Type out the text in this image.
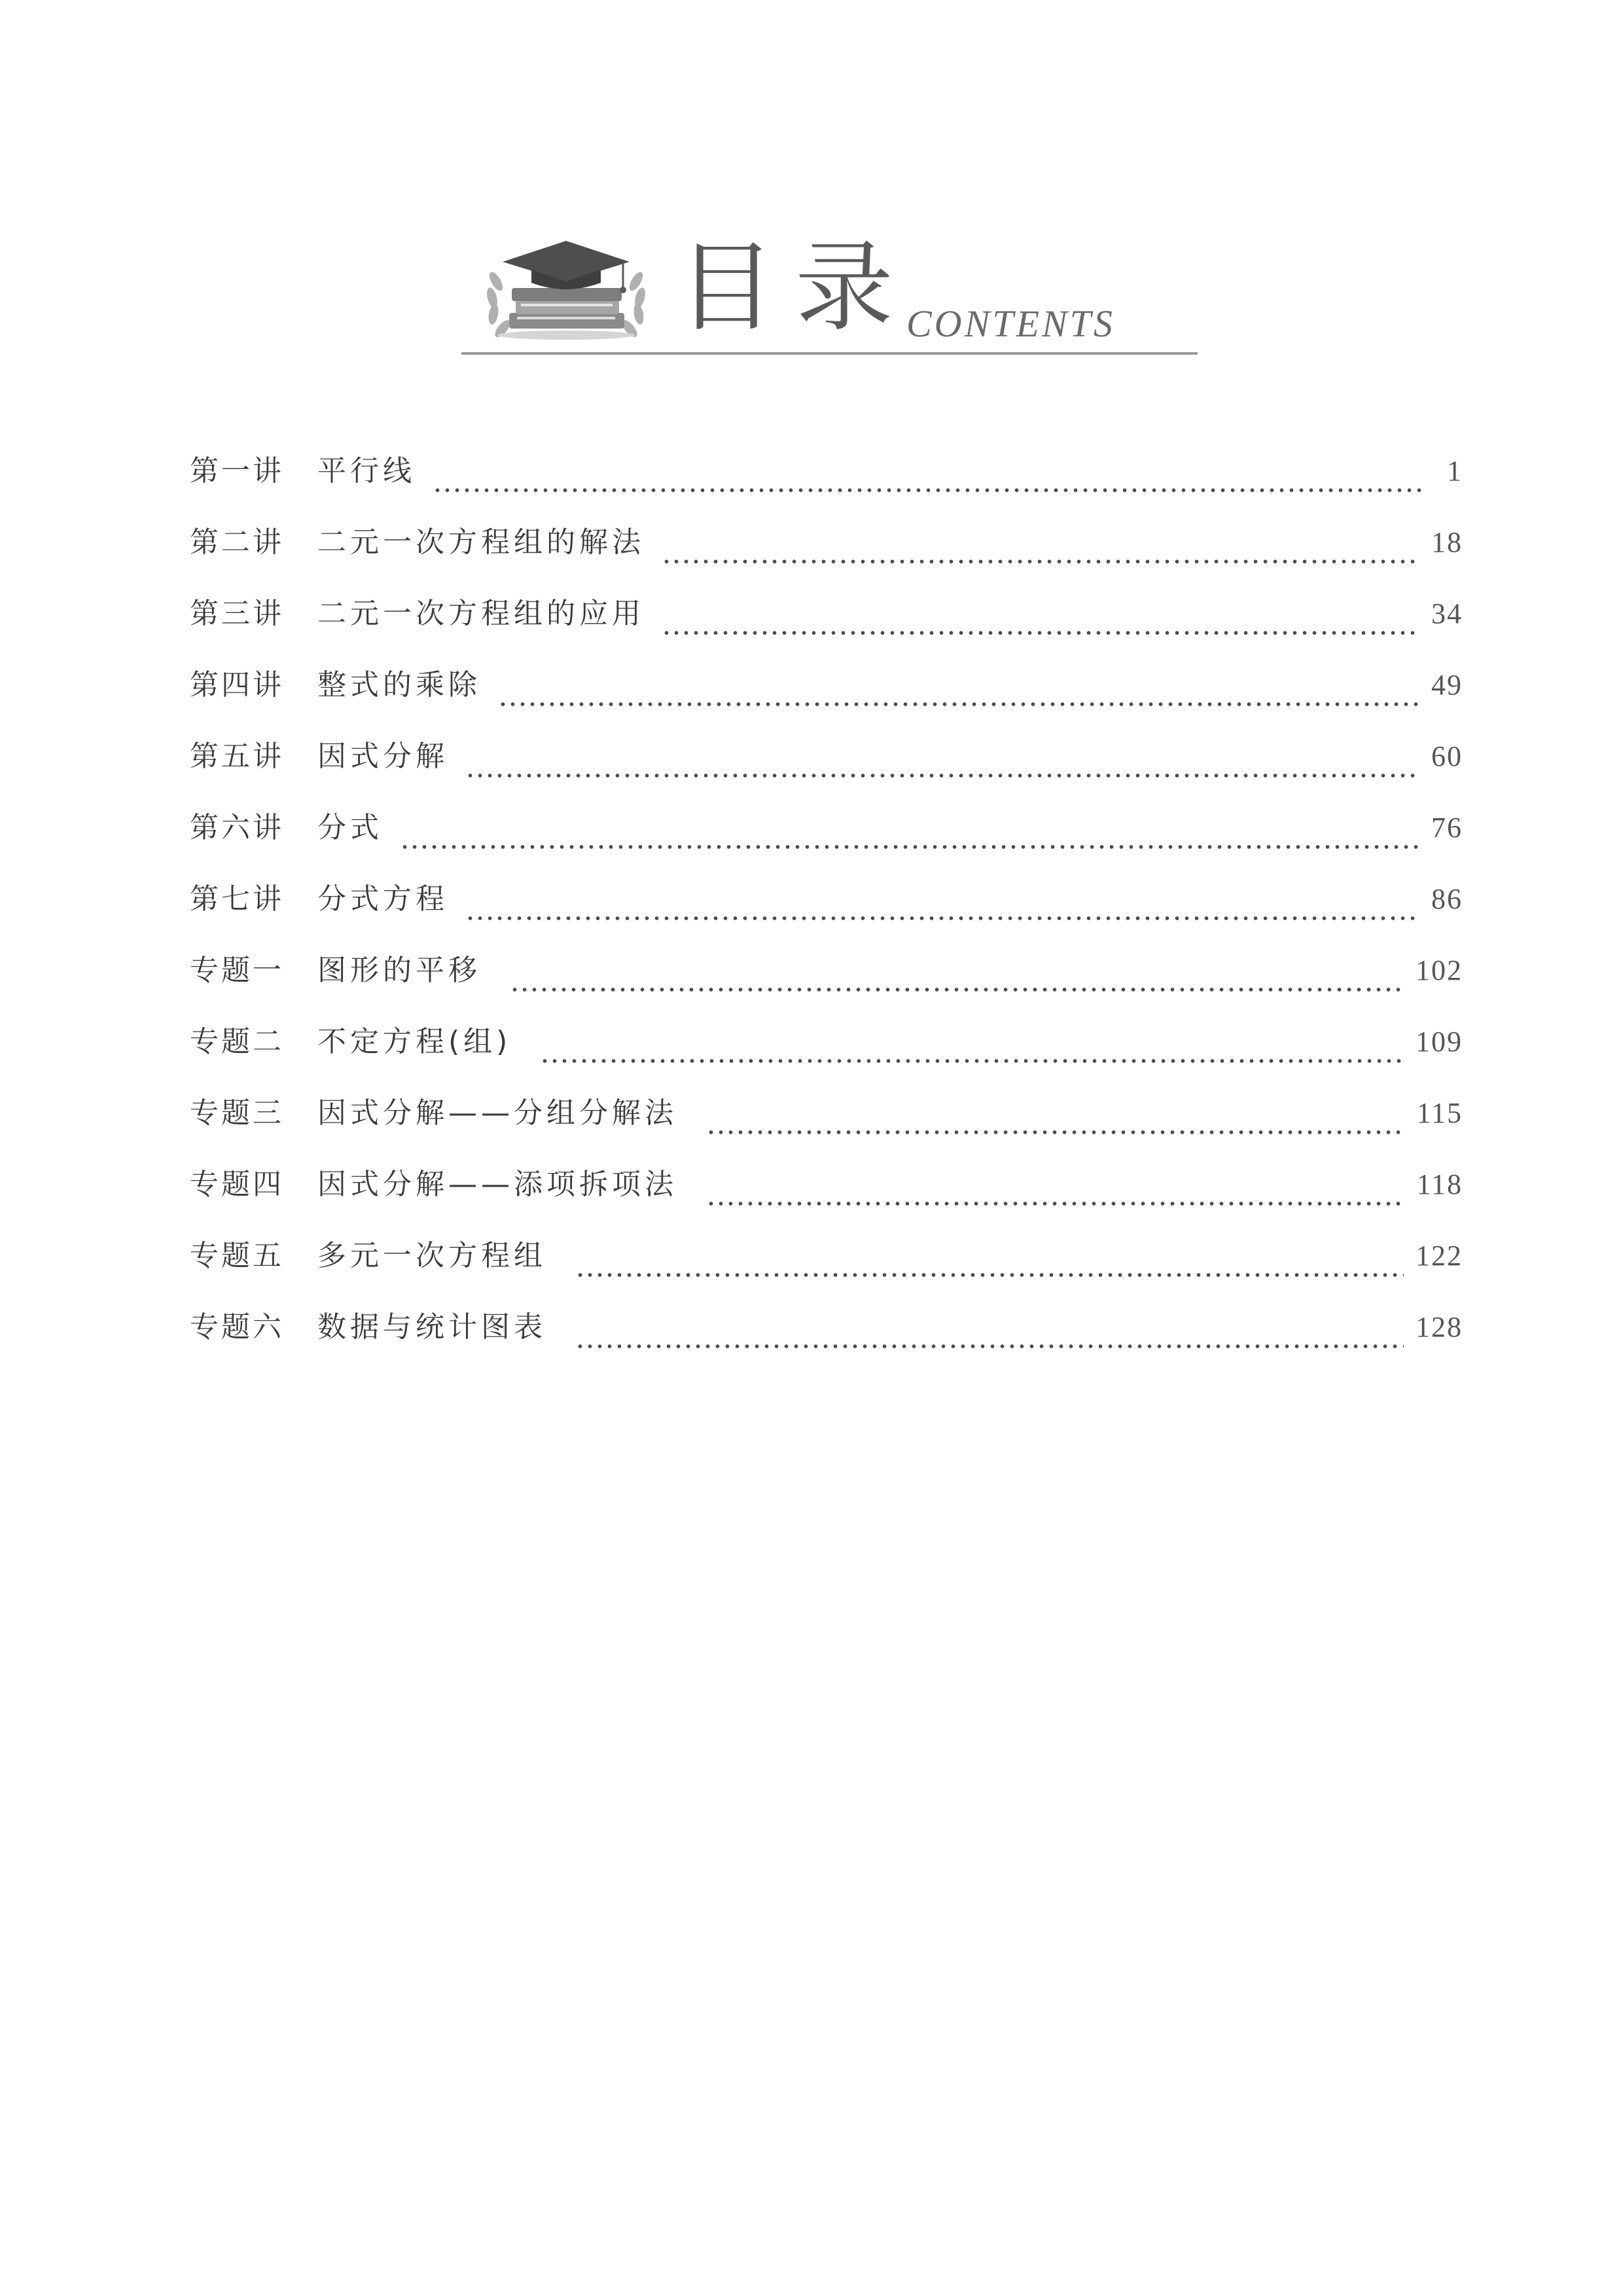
目录
CONTENTS
第一讲	平行线	1
第二讲	二元一次方程组的解法	18
第三讲	二元一次方程组的应用	34
第四讲	整式的乘除	49
第五讲	因式分解	60
第六讲	分式	76
第七讲	分式方程	86
专题一	图形的平移	102
专题二	不定方程(组)	109
专题三	因式分解——分组分解法	115
专题四	因式分解——添项拆项法	118
专题五	多元一次方程组	122
专题六	数据与统计图表	128
